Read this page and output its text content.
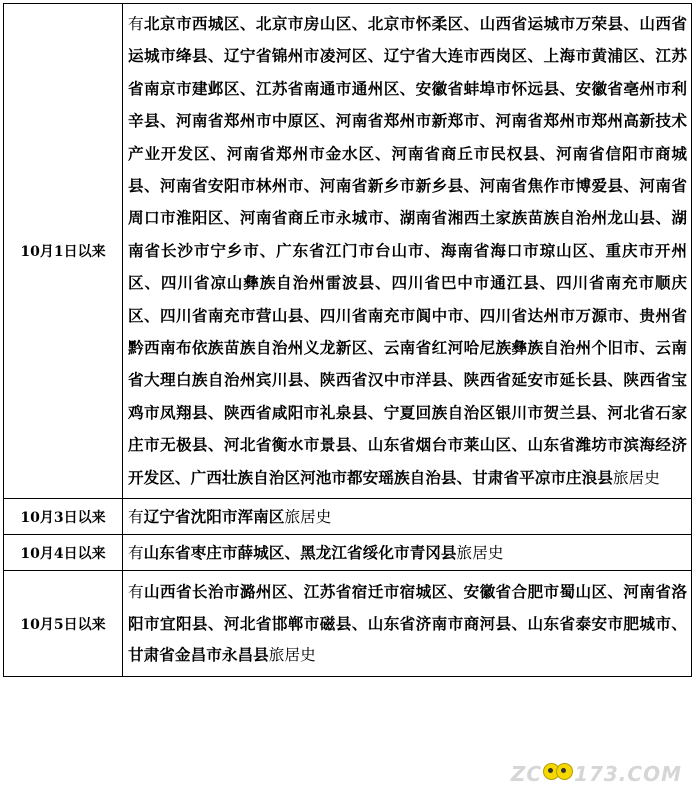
10月1日以来	有北京市西城区、北京市房山区、北京市怀柔区、山西省运城市万荣县、山西省运城市绛县、辽宁省锦州市凌河区、辽宁省大连市西岗区、上海市黄浦区、江苏省南京市建邺区、江苏省南通市通州区、安徽省蚌埠市怀远县、安徽省亳州市利辛县、河南省郑州市中原区、河南省郑州市新郑市、河南省郑州市郑州高新技术产业开发区、河南省郑州市金水区、河南省商丘市民权县、河南省信阳市商城县、河南省安阳市林州市、河南省新乡市新乡县、河南省焦作市博爱县、河南省周口市淮阳区、河南省商丘市永城市、湖南省湘西土家族苗族自治州龙山县、湖南省长沙市宁乡市、广东省江门市台山市、海南省海口市琼山区、重庆市开州区、四川省凉山彝族自治州雷波县、四川省巴中市通江县、四川省南充市顺庆区、四川省南充市营山县、四川省南充市阆中市、四川省达州市万源市、贵州省黔西南布依族苗族自治州义龙新区、云南省红河哈尼族彝族自治州个旧市、云南省大理白族自治州宾川县、陕西省汉中市洋县、陕西省延安市延长县、陕西省宝鸡市凤翔县、陕西省咸阳市礼泉县、宁夏回族自治区银川市贺兰县、河北省石家庄市无极县、河北省衡水市景县、山东省烟台市莱山区、山东省潍坊市滨海经济开发区、广西壮族自治区河池市都安瑶族自治县、甘肃省平凉市庄浪县旅居史
10月3日以来	有辽宁省沈阳市浑南区旅居史
10月4日以来	有山东省枣庄市薛城区、黑龙江省绥化市青冈县旅居史
10月5日以来	有山西省长治市潞州区、江苏省宿迁市宿城区、安徽省合肥市蜀山区、河南省洛阳市宜阳县、河北省邯郸市磁县、山东省济南市商河县、山东省泰安市肥城市、甘肃省金昌市永昌县旅居史
ZC 173.COM
